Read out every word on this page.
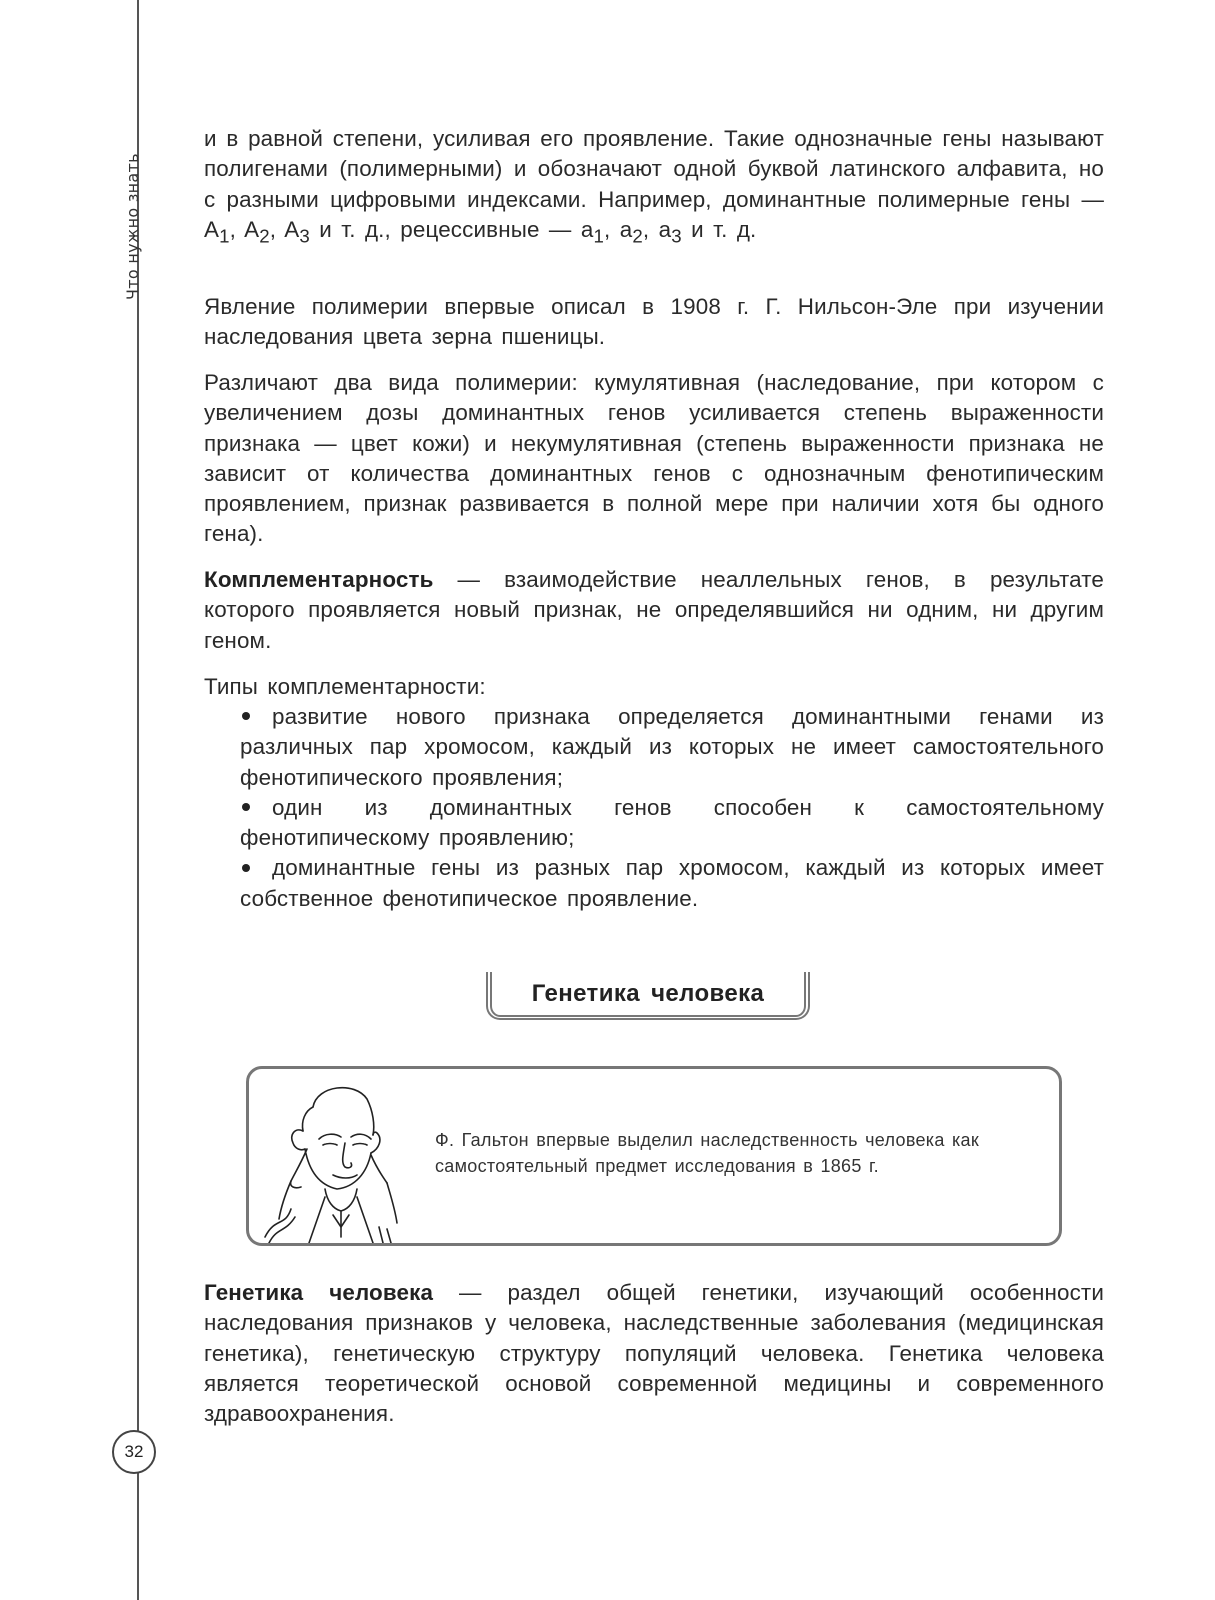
Что нужно знать
32

и в равной степени, усиливая его проявление. Такие однозначные гены называют полигенами (полимерными) и обозначают одной буквой латинского алфавита, но с разными цифровыми индексами. Например, доминантные полимерные гены — $A_1$, $A_2$, $A_3$ и т. д., рецессивные — $a_1$, $a_2$, $a_3$ и т. д.

Явление полимерии впервые описал в 1908 г. Г. Нильсон-Эле при изучении наследования цвета зерна пшеницы.

Различают два вида полимерии: кумулятивная (наследование, при котором с увеличением дозы доминантных генов усиливается степень выраженности признака — цвет кожи) и некумулятивная (степень выраженности признака не зависит от количества доминантных генов с однозначным фенотипическим проявлением, признак развивается в полной мере при наличии хотя бы одного гена).

Комплементарность — взаимодействие неаллельных генов, в результате которого проявляется новый признак, не определявшийся ни одним, ни другим геном.

Типы комплементарности:

развитие нового признака определяется доминантными генами из различных пар хромосом, каждый из которых не имеет самостоятельного фенотипического проявления;
один из доминантных генов способен к самостоятельному фенотипическому проявлению;
доминантные гены из разных пар хромосом, каждый из которых имеет собственное фенотипическое проявление.
Генетика человека
Ф. Гальтон впервые выделил наследственность человека как самостоятельный предмет исследования в 1865 г.

Генетика человека — раздел общей генетики, изучающий особенности наследования признаков у человека, наследственные заболевания (медицинская генетика), генетическую структуру популяций человека. Генетика человека является теоретической основой современной медицины и современного здравоохранения.
